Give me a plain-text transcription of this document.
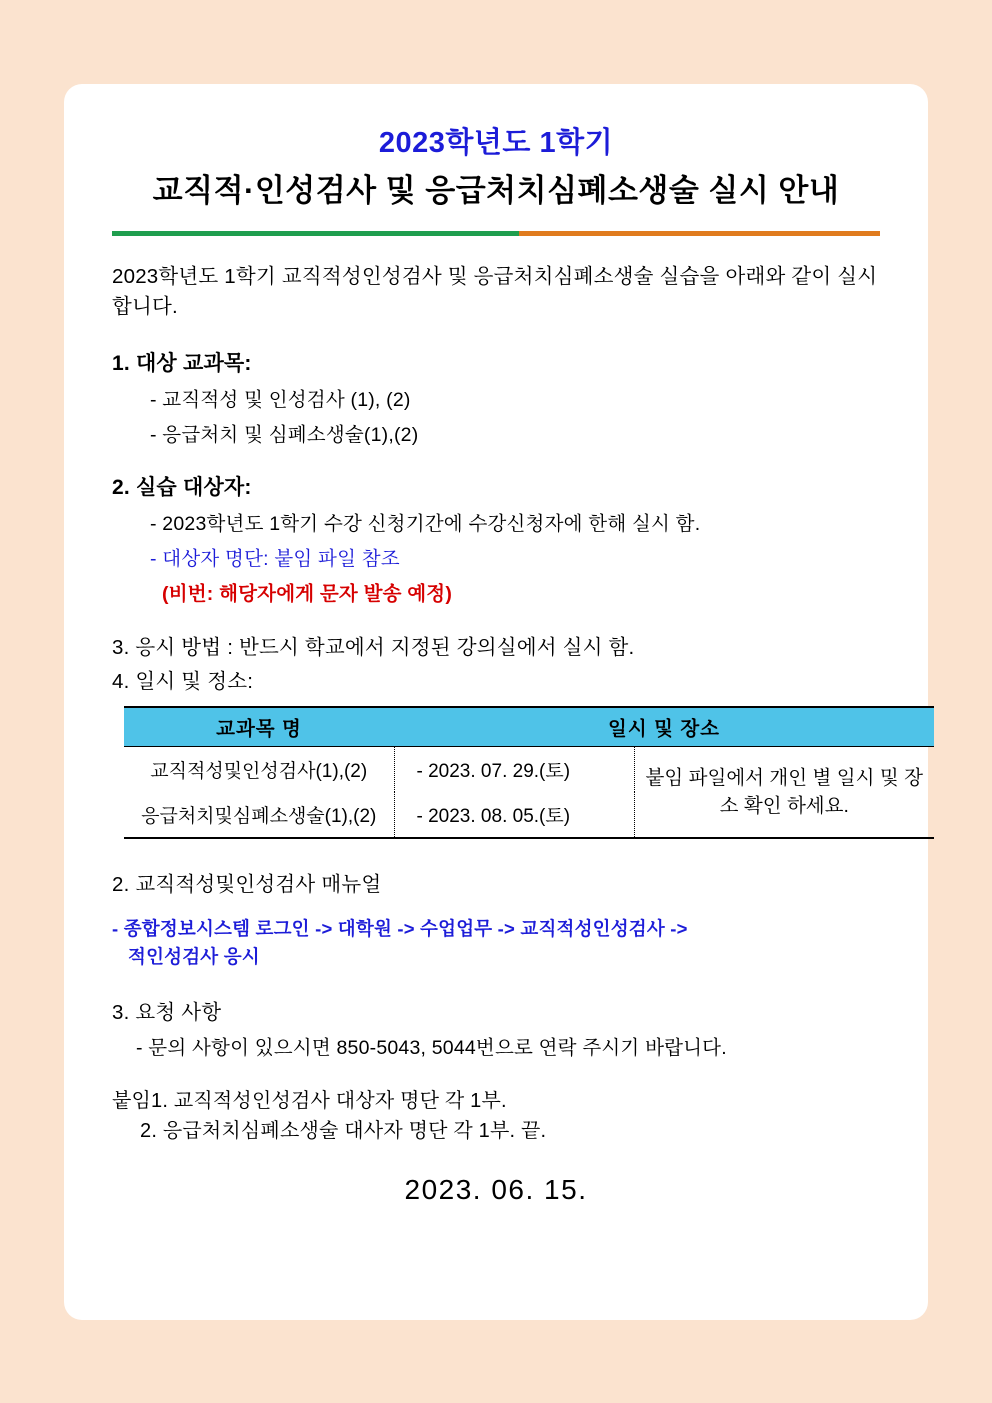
2023학년도 1학기
교직적·인성검사 및 응급처치심폐소생술 실시 안내
2023학년도 1학기 교직적성인성검사 및 응급처치심폐소생술 실습을 아래와 같이 실시 합니다.
1. 대상 교과목:
- 교직적성 및 인성검사 (1), (2)
- 응급처치 및 심폐소생술(1),(2)
2. 실습 대상자:
- 2023학년도 1학기 수강 신청기간에 수강신청자에 한해 실시 함.
- 대상자 명단: 붙임 파일 참조
(비번: 해당자에게 문자 발송 예정)
3. 응시 방법 : 반드시 학교에서 지정된 강의실에서 실시 함.
4. 일시 및 정소:
교과목 명	일시 및 장소	
교직적성및인성검사(1),(2)	- 2023. 07. 29.(토)	붙임 파일에서 개인 별 일시 및 장소 확인 하세요.
응급처치및심폐소생술(1),(2)	- 2023. 08. 05.(토)	
2. 교직적성및인성검사 매뉴얼
- 종합정보시스템 로그인 -> 대학원 -> 수업업무 -> 교직적성인성검사 ->
적인성검사 응시
3. 요청 사항
- 문의 사항이 있으시면 850-5043, 5044번으로 연락 주시기 바랍니다.
붙임1. 교직적성인성검사 대상자 명단 각 1부.
2. 응급처치심폐소생술 대사자 명단 각 1부. 끝.
2023. 06. 15.
